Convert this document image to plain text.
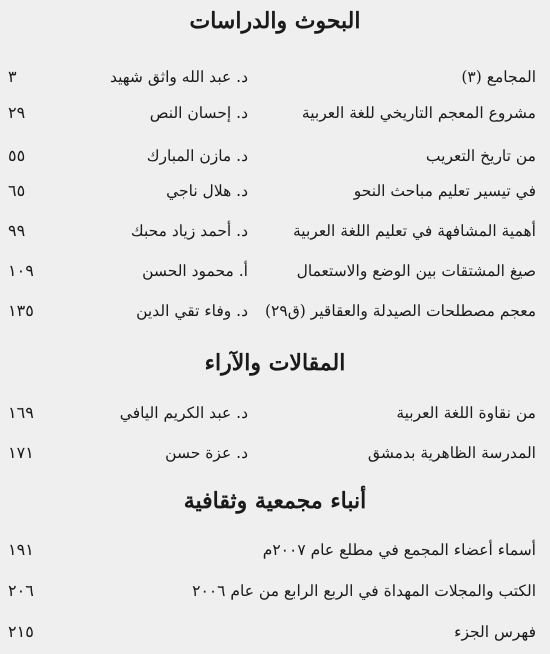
البحوث والدراسات
المجامع (٣)
د. عبد الله واثق شهيد
٣
مشروع المعجم التاريخي للغة العربية
د. إحسان النص
٢٩
من تاريخ التعريب
د. مازن المبارك
٥٥
في تيسير تعليم مباحث النحو
د. هلال ناجي
٦٥
أهمية المشافهة في تعليم اللغة العربية
د. أحمد زياد محبك
٩٩
صيغ المشتقات بين الوضع والاستعمال
أ. محمود الحسن
١٠٩
معجم مصطلحات الصيدلة والعقاقير (ق٢٩)
د. وفاء تقي الدين
١٣٥
المقالات والآراء
من نقاوة اللغة العربية
د. عبد الكريم اليافي
١٦٩
المدرسة الظاهرية بدمشق
د. عزة حسن
١٧١
أنباء مجمعية وثقافية
أسماء أعضاء المجمع في مطلع عام ٢٠٠٧م
١٩١
الكتب والمجلات المهداة في الربع الرابع من عام ٢٠٠٦
٢٠٦
فهرس الجزء
٢١٥
